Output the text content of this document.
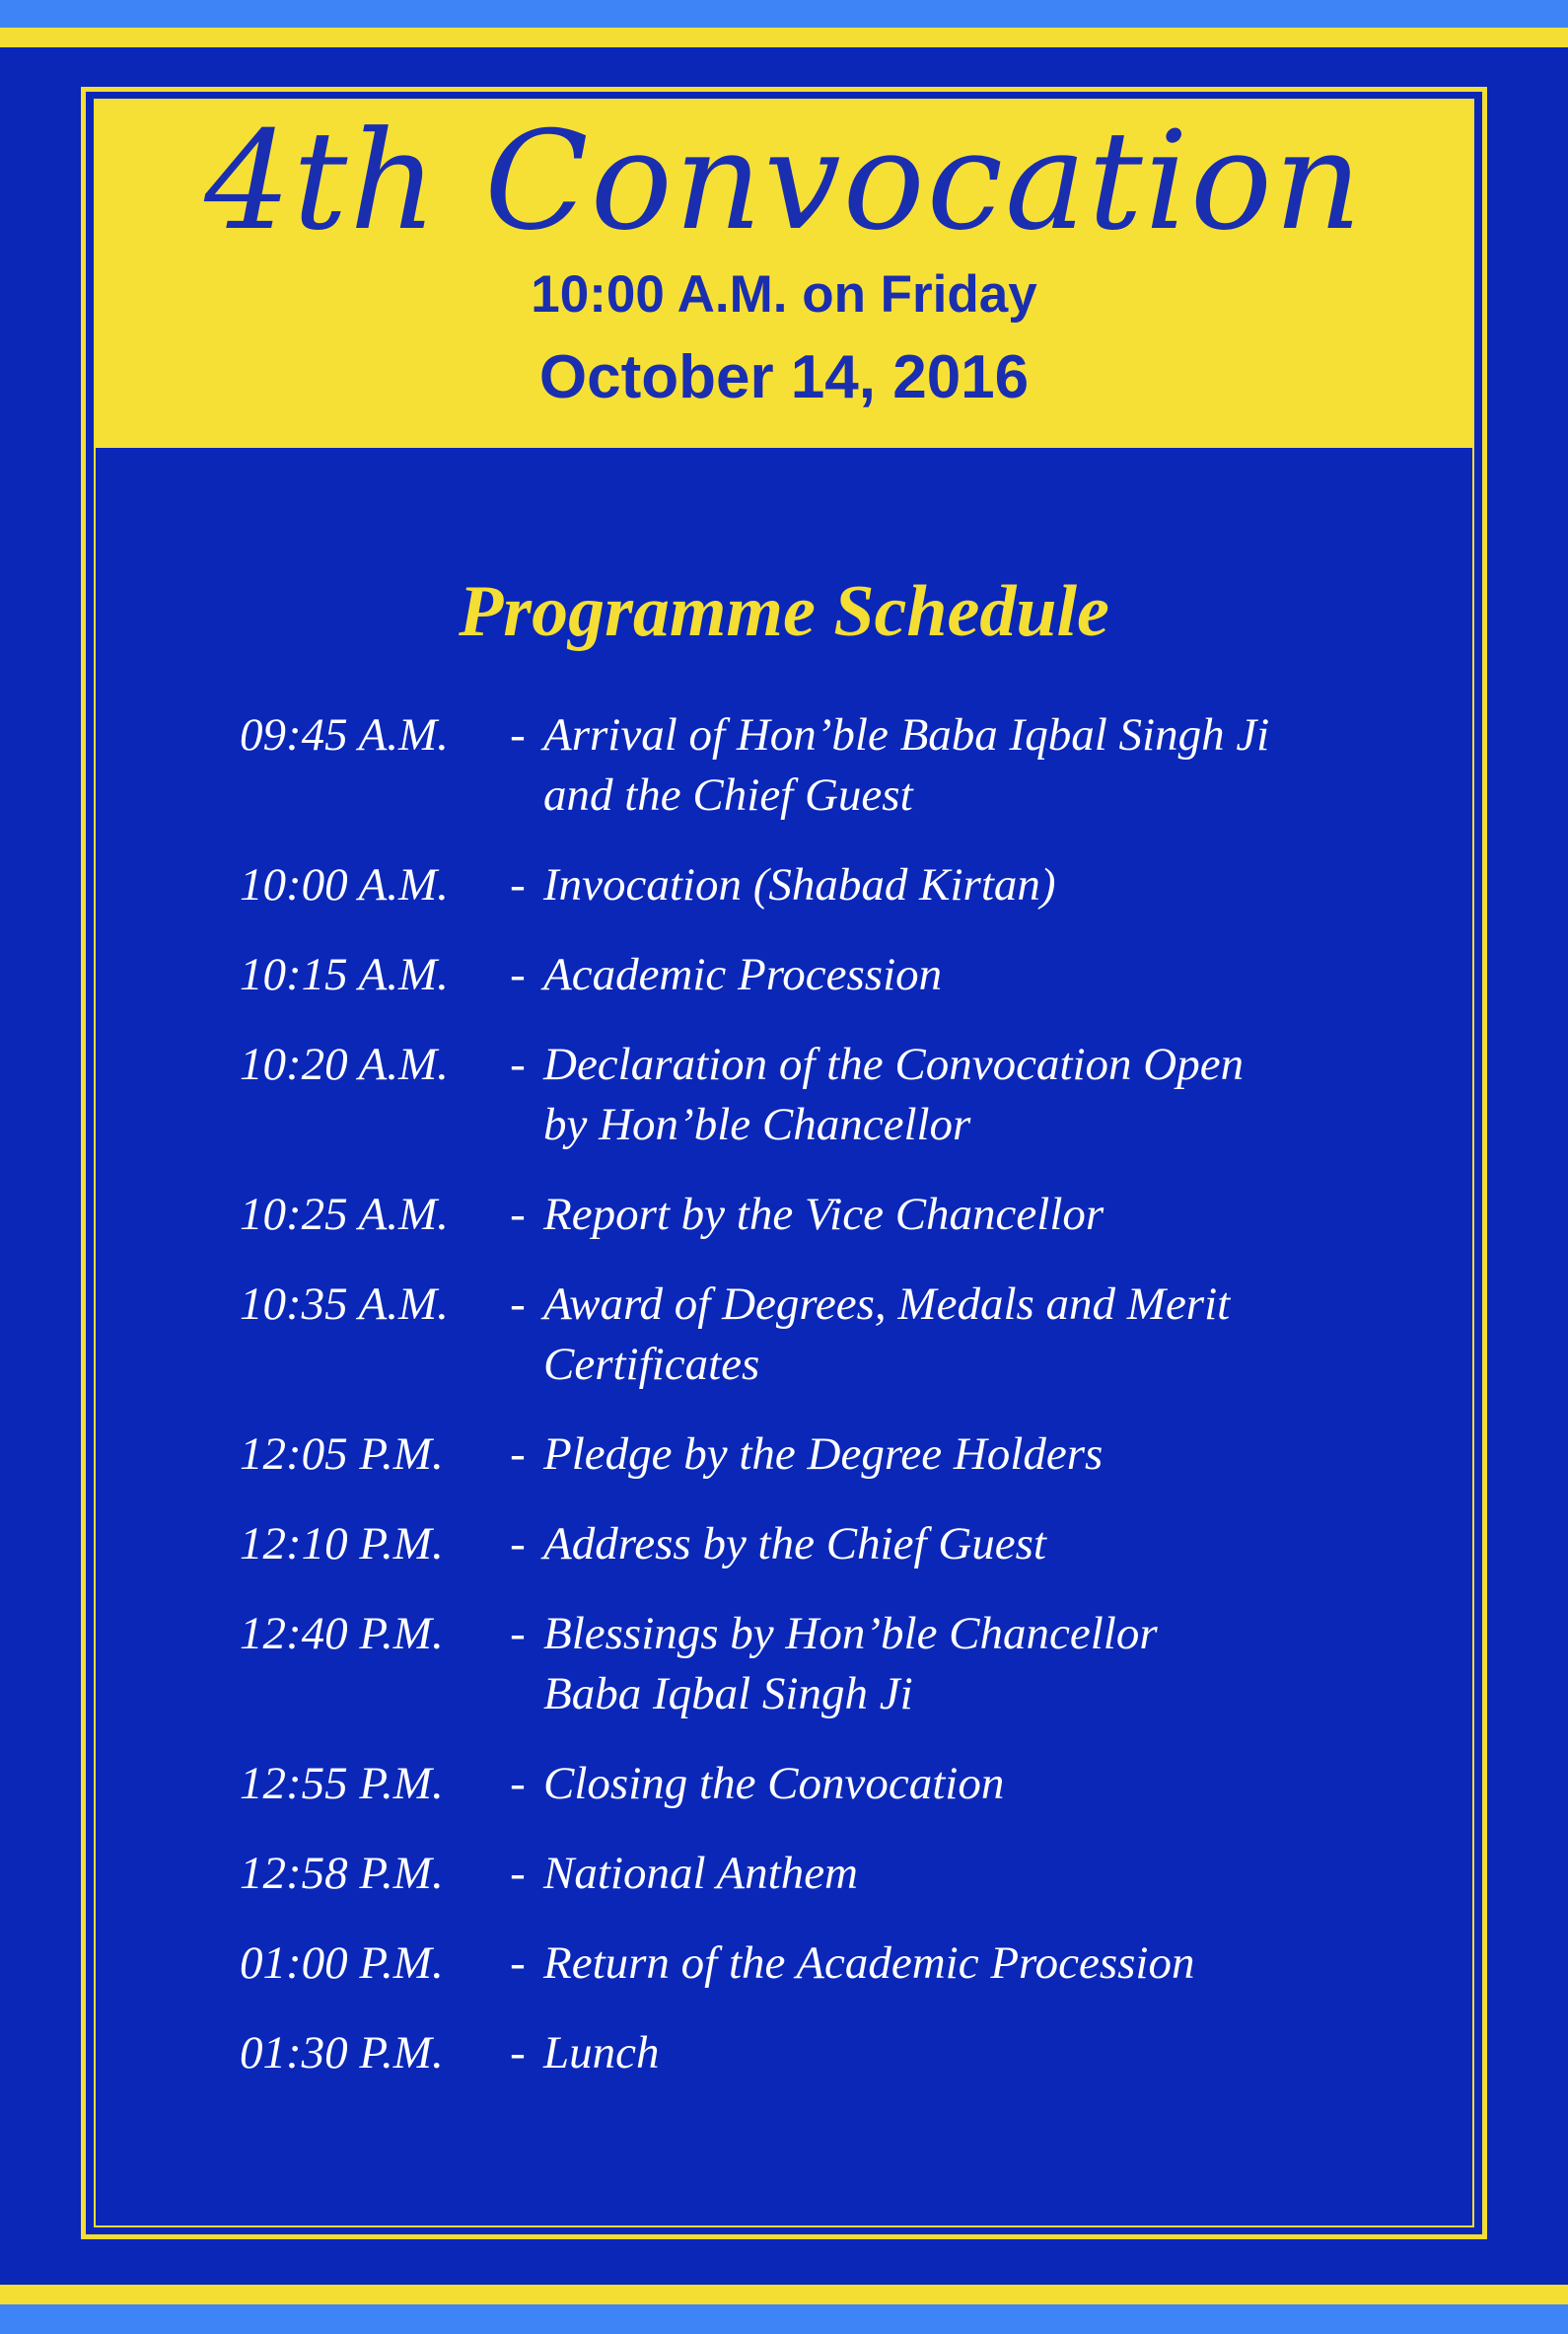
4th Convocation
10:00 A.M. on Friday
October 14, 2016
Programme Schedule
09:45 A.M.	- Arrival of Hon’ble Baba Iqbal Singh Ji
and the Chief Guest
10:00 A.M.	- Invocation (Shabad Kirtan)
10:15 A.M.	- Academic Procession
10:20 A.M.	- Declaration of the Convocation Open
by Hon’ble Chancellor
10:25 A.M.	- Report by the Vice Chancellor
10:35 A.M.	- Award of Degrees, Medals and Merit
Certificates
12:05 P.M.	- Pledge by the Degree Holders
12:10 P.M.	- Address by the Chief Guest
12:40 P.M.	- Blessings by Hon’ble Chancellor
Baba Iqbal Singh Ji
12:55 P.M.	- Closing the Convocation
12:58 P.M.	- National Anthem
01:00 P.M.	- Return of the Academic Procession
01:30 P.M.	- Lunch
